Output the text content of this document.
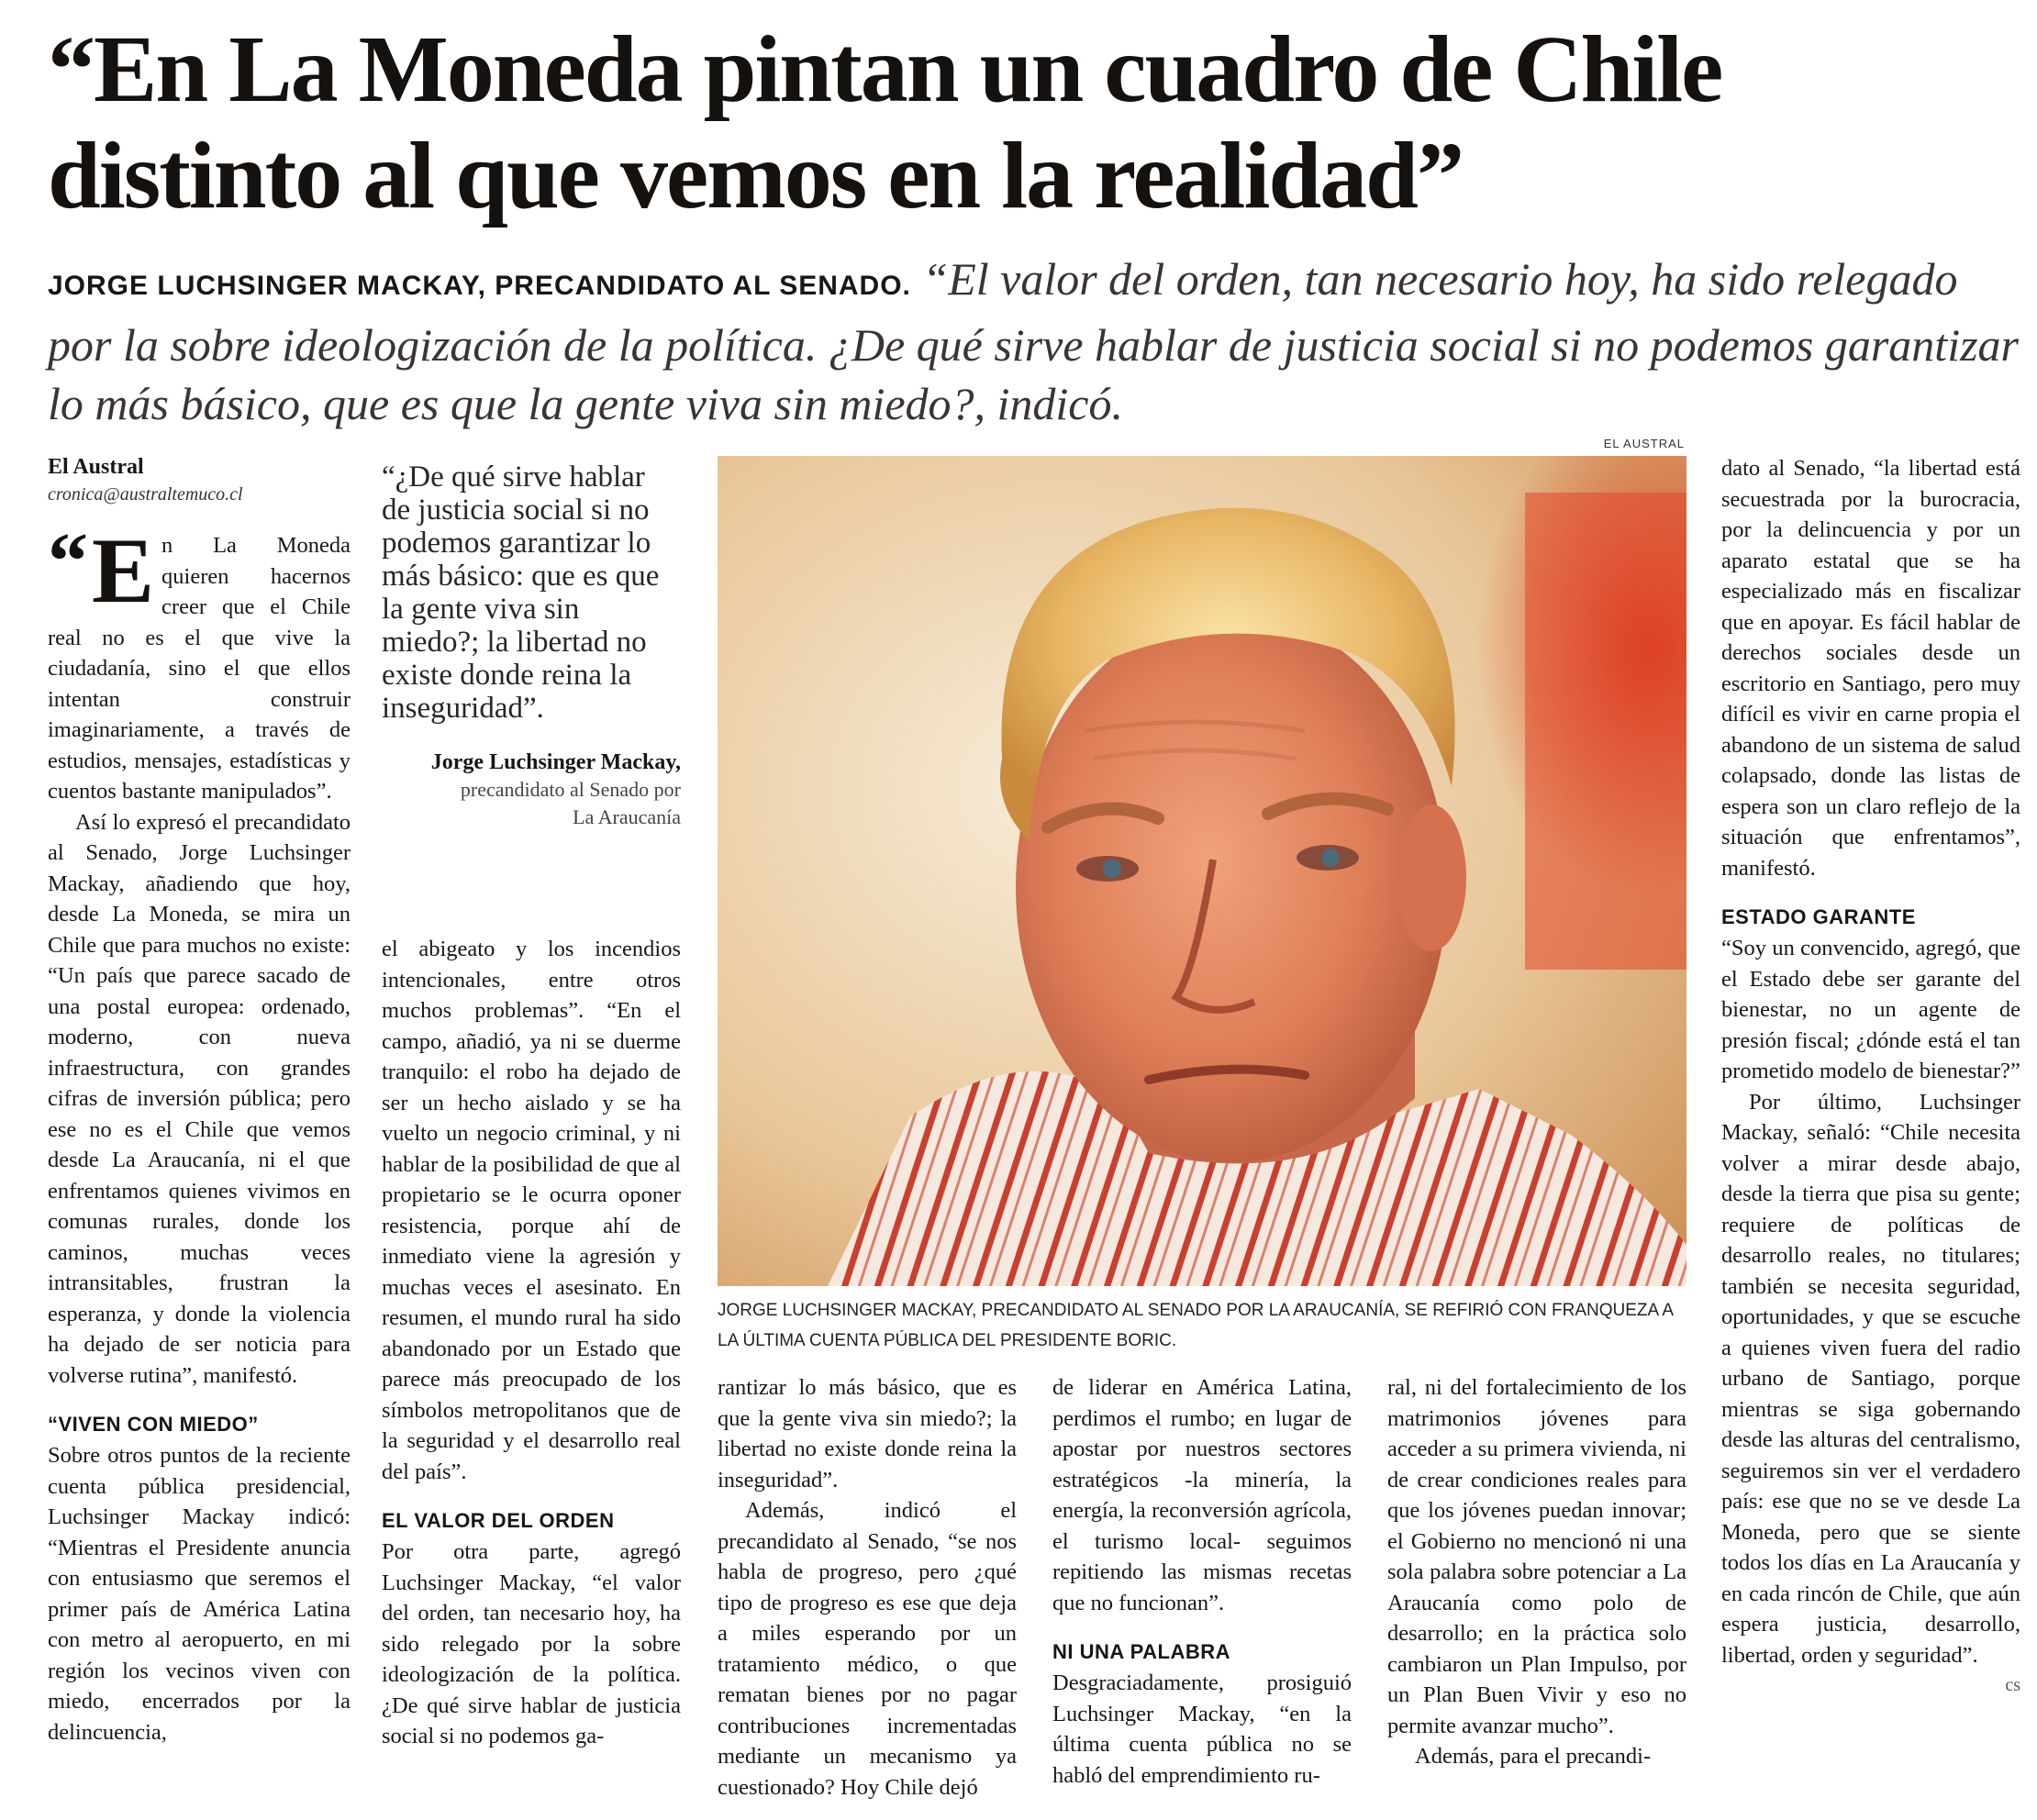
“En La Moneda pintan un cuadro de Chile distinto al que vemos en la realidad”
JORGE LUCHSINGER MACKAY, PRECANDIDATO AL SENADO. “El valor del orden, tan necesario hoy, ha sido relegado por la sobre ideologización de la política. ¿De qué sirve hablar de justicia social si no podemos garantizar lo más básico, que es que la gente viva sin miedo?, indicó.
El Austral
cronica@australtemuco.cl

“ E n La Moneda quieren hacernos creer que el Chile real no es el que vive la ciudadanía, sino el que ellos intentan construir imaginariamente, a través de estudios, mensajes, estadísticas y cuentos bastante manipulados”.

Así lo expresó el precandidato al Senado, Jorge Luchsinger Mackay, añadiendo que hoy, desde La Moneda, se mira un Chile que para muchos no existe: “Un país que parece sacado de una postal europea: ordenado, moderno, con nueva infraestructura, con grandes cifras de inversión pública; pero ese no es el Chile que vemos desde La Araucanía, ni el que enfrentamos quienes vivimos en comunas rurales, donde los caminos, muchas veces intransitables, frustran la esperanza, y donde la violencia ha dejado de ser noticia para volverse rutina”, manifestó.

“VIVEN CON MIEDO”

Sobre otros puntos de la reciente cuenta pública presidencial, Luchsinger Mackay indicó: “Mientras el Presidente anuncia con entusiasmo que seremos el primer país de América Latina con metro al aeropuerto, en mi región los vecinos viven con miedo, encerrados por la delincuencia,

“¿De qué sirve hablar de justicia social si no podemos garantizar lo más básico: que es que la gente viva sin miedo?; la libertad no existe donde reina la inseguridad”.
Jorge Luchsinger Mackay,
precandidato al Senado por La Araucanía

el abigeato y los incendios intencionales, entre otros muchos problemas”. “En el campo, añadió, ya ni se duerme tranquilo: el robo ha dejado de ser un hecho aislado y se ha vuelto un negocio criminal, y ni hablar de la posibilidad de que al propietario se le ocurra oponer resistencia, porque ahí de inmediato viene la agresión y muchas veces el asesinato. En resumen, el mundo rural ha sido abandonado por un Estado que parece más preocupado de los símbolos metropolitanos que de la seguridad y el desarrollo real del país”.

EL VALOR DEL ORDEN

Por otra parte, agregó Luchsinger Mackay, “el valor del orden, tan necesario hoy, ha sido relegado por la sobre ideologización de la política. ¿De qué sirve hablar de justicia social si no podemos ga-

EL AUSTRAL
JORGE LUCHSINGER MACKAY, PRECANDIDATO AL SENADO POR LA ARAUCANÍA, SE REFIRIÓ CON FRANQUEZA A LA ÚLTIMA CUENTA PÚBLICA DEL PRESIDENTE BORIC.

rantizar lo más básico, que es que la gente viva sin miedo?; la libertad no existe donde reina la inseguridad”.

Además, indicó el precandidato al Senado, “se nos habla de progreso, pero ¿qué tipo de progreso es ese que deja a miles esperando por un tratamiento médico, o que rematan bienes por no pagar contribuciones incrementadas mediante un mecanismo ya cuestionado? Hoy Chile dejó

de liderar en América Latina, perdimos el rumbo; en lugar de apostar por nuestros sectores estratégicos -la minería, la energía, la reconversión agrícola, el turismo local- seguimos repitiendo las mismas recetas que no funcionan”.

NI UNA PALABRA

Desgraciadamente, prosiguió Luchsinger Mackay, “en la última cuenta pública no se habló del emprendimiento ru-

ral, ni del fortalecimiento de los matrimonios jóvenes para acceder a su primera vivienda, ni de crear condiciones reales para que los jóvenes puedan innovar; el Gobierno no mencionó ni una sola palabra sobre potenciar a La Araucanía como polo de desarrollo; en la práctica solo cambiaron un Plan Impulso, por un Plan Buen Vivir y eso no permite avanzar mucho”.

Además, para el precandi-

dato al Senado, “la libertad está secuestrada por la burocracia, por la delincuencia y por un aparato estatal que se ha especializado más en fiscalizar que en apoyar. Es fácil hablar de derechos sociales desde un escritorio en Santiago, pero muy difícil es vivir en carne propia el abandono de un sistema de salud colapsado, donde las listas de espera son un claro reflejo de la situación que enfrentamos”, manifestó.

ESTADO GARANTE

“Soy un convencido, agregó, que el Estado debe ser garante del bienestar, no un agente de presión fiscal; ¿dónde está el tan prometido modelo de bienestar?”

Por último, Luchsinger Mackay, señaló: “Chile necesita volver a mirar desde abajo, desde la tierra que pisa su gente; requiere de políticas de desarrollo reales, no titulares; también se necesita seguridad, oportunidades, y que se escuche a quienes viven fuera del radio urbano de Santiago, porque mientras se siga gobernando desde las alturas del centralismo, seguiremos sin ver el verdadero país: ese que no se ve desde La Moneda, pero que se siente todos los días en La Araucanía y en cada rincón de Chile, que aún espera justicia, desarrollo, libertad, orden y seguridad”.
cs
